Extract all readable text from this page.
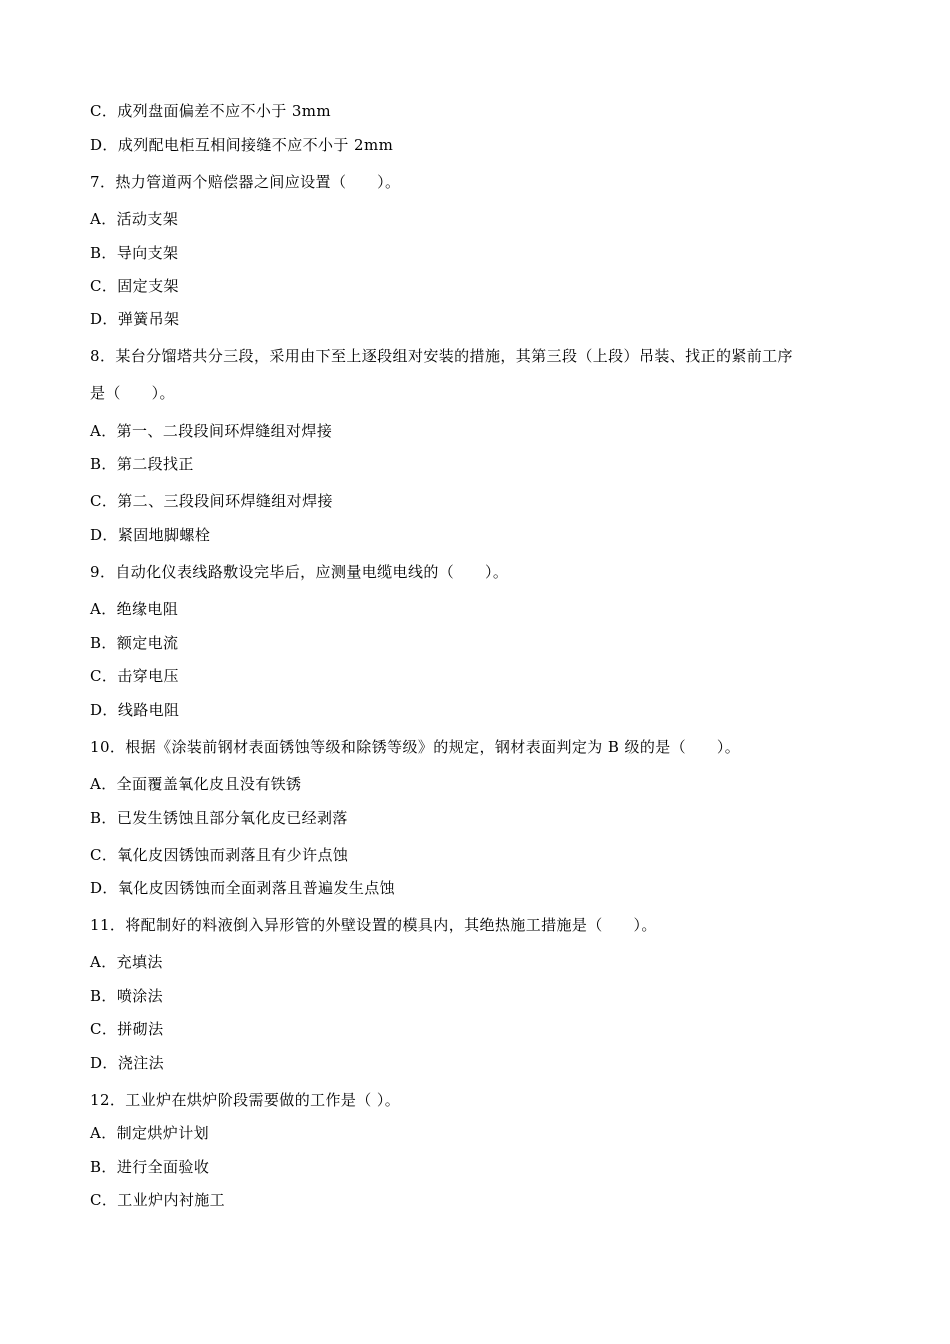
C．成列盘面偏差不应不小于 3mm
D．成列配电柜互相间接缝不应不小于 2mm
7．热力管道两个赔偿器之间应设置（　　）。
A．活动支架
B．导向支架
C．固定支架
D．弹簧吊架
8．某台分馏塔共分三段，采用由下至上逐段组对安装的措施，其第三段（上段）吊装、找正的紧前工序
是（　　）。
A．第一、二段段间环焊缝组对焊接
B．第二段找正
C．第二、三段段间环焊缝组对焊接
D．紧固地脚螺栓
9．自动化仪表线路敷设完毕后，应测量电缆电线的（　　）。
A．绝缘电阻
B．额定电流
C．击穿电压
D．线路电阻
10．根据《涂装前钢材表面锈蚀等级和除锈等级》的规定，钢材表面判定为 B 级的是（　　）。
A．全面覆盖氧化皮且没有铁锈
B．已发生锈蚀且部分氧化皮已经剥落
C．氧化皮因锈蚀而剥落且有少许点蚀
D．氧化皮因锈蚀而全面剥落且普遍发生点蚀
11．将配制好的料液倒入异形管的外壁设置的模具内，其绝热施工措施是（　　）。
A．充填法
B．喷涂法
C．拼砌法
D．浇注法
12．工业炉在烘炉阶段需要做的工作是（ ）。
A．制定烘炉计划
B．进行全面验收
C．工业炉内衬施工
